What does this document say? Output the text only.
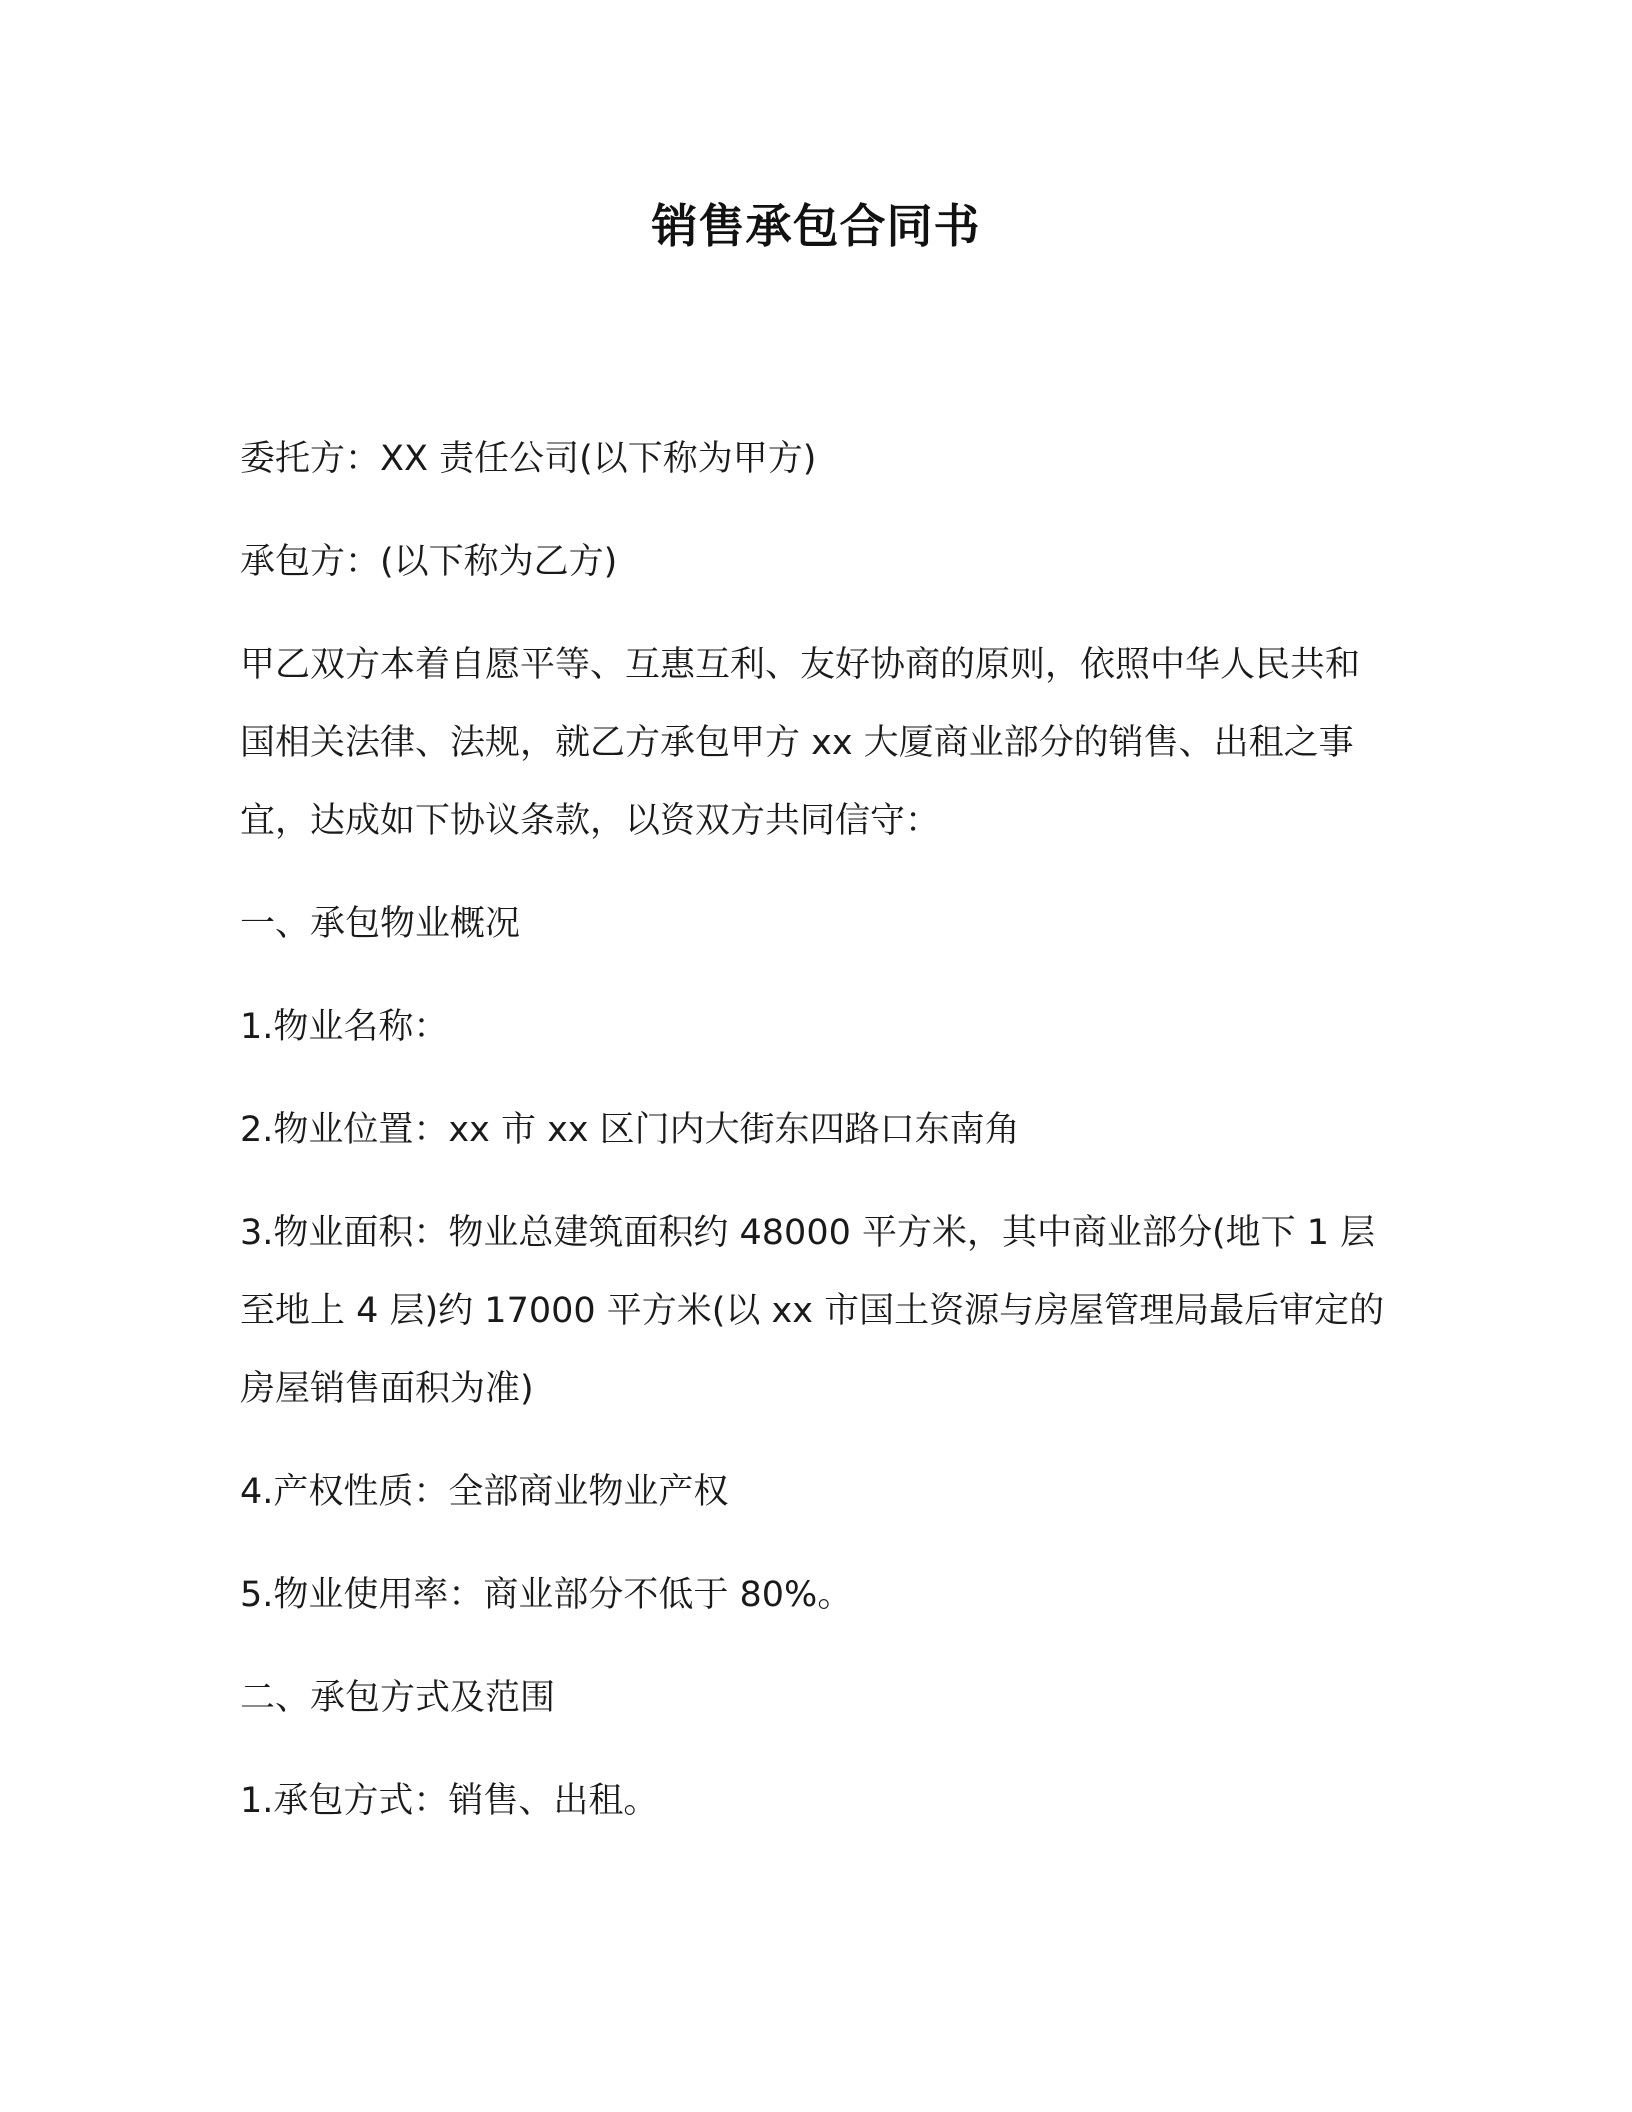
销售承包合同书

委托方：XX 责任公司(以下称为甲方)

承包方：(以下称为乙方)

甲乙双方本着自愿平等、互惠互利、友好协商的原则，依照中华人民共和国相关法律、法规，就乙方承包甲方 xx 大厦商业部分的销售、出租之事宜，达成如下协议条款，以资双方共同信守：

一、承包物业概况

1.物业名称：

2.物业位置：xx 市 xx 区门内大街东四路口东南角

3.物业面积：物业总建筑面积约 48000 平方米，其中商业部分(地下 1 层至地上 4 层)约 17000 平方米(以 xx 市国土资源与房屋管理局最后审定的房屋销售面积为准)

4.产权性质：全部商业物业产权

5.物业使用率：商业部分不低于 80%。

二、承包方式及范围

1.承包方式：销售、出租。
